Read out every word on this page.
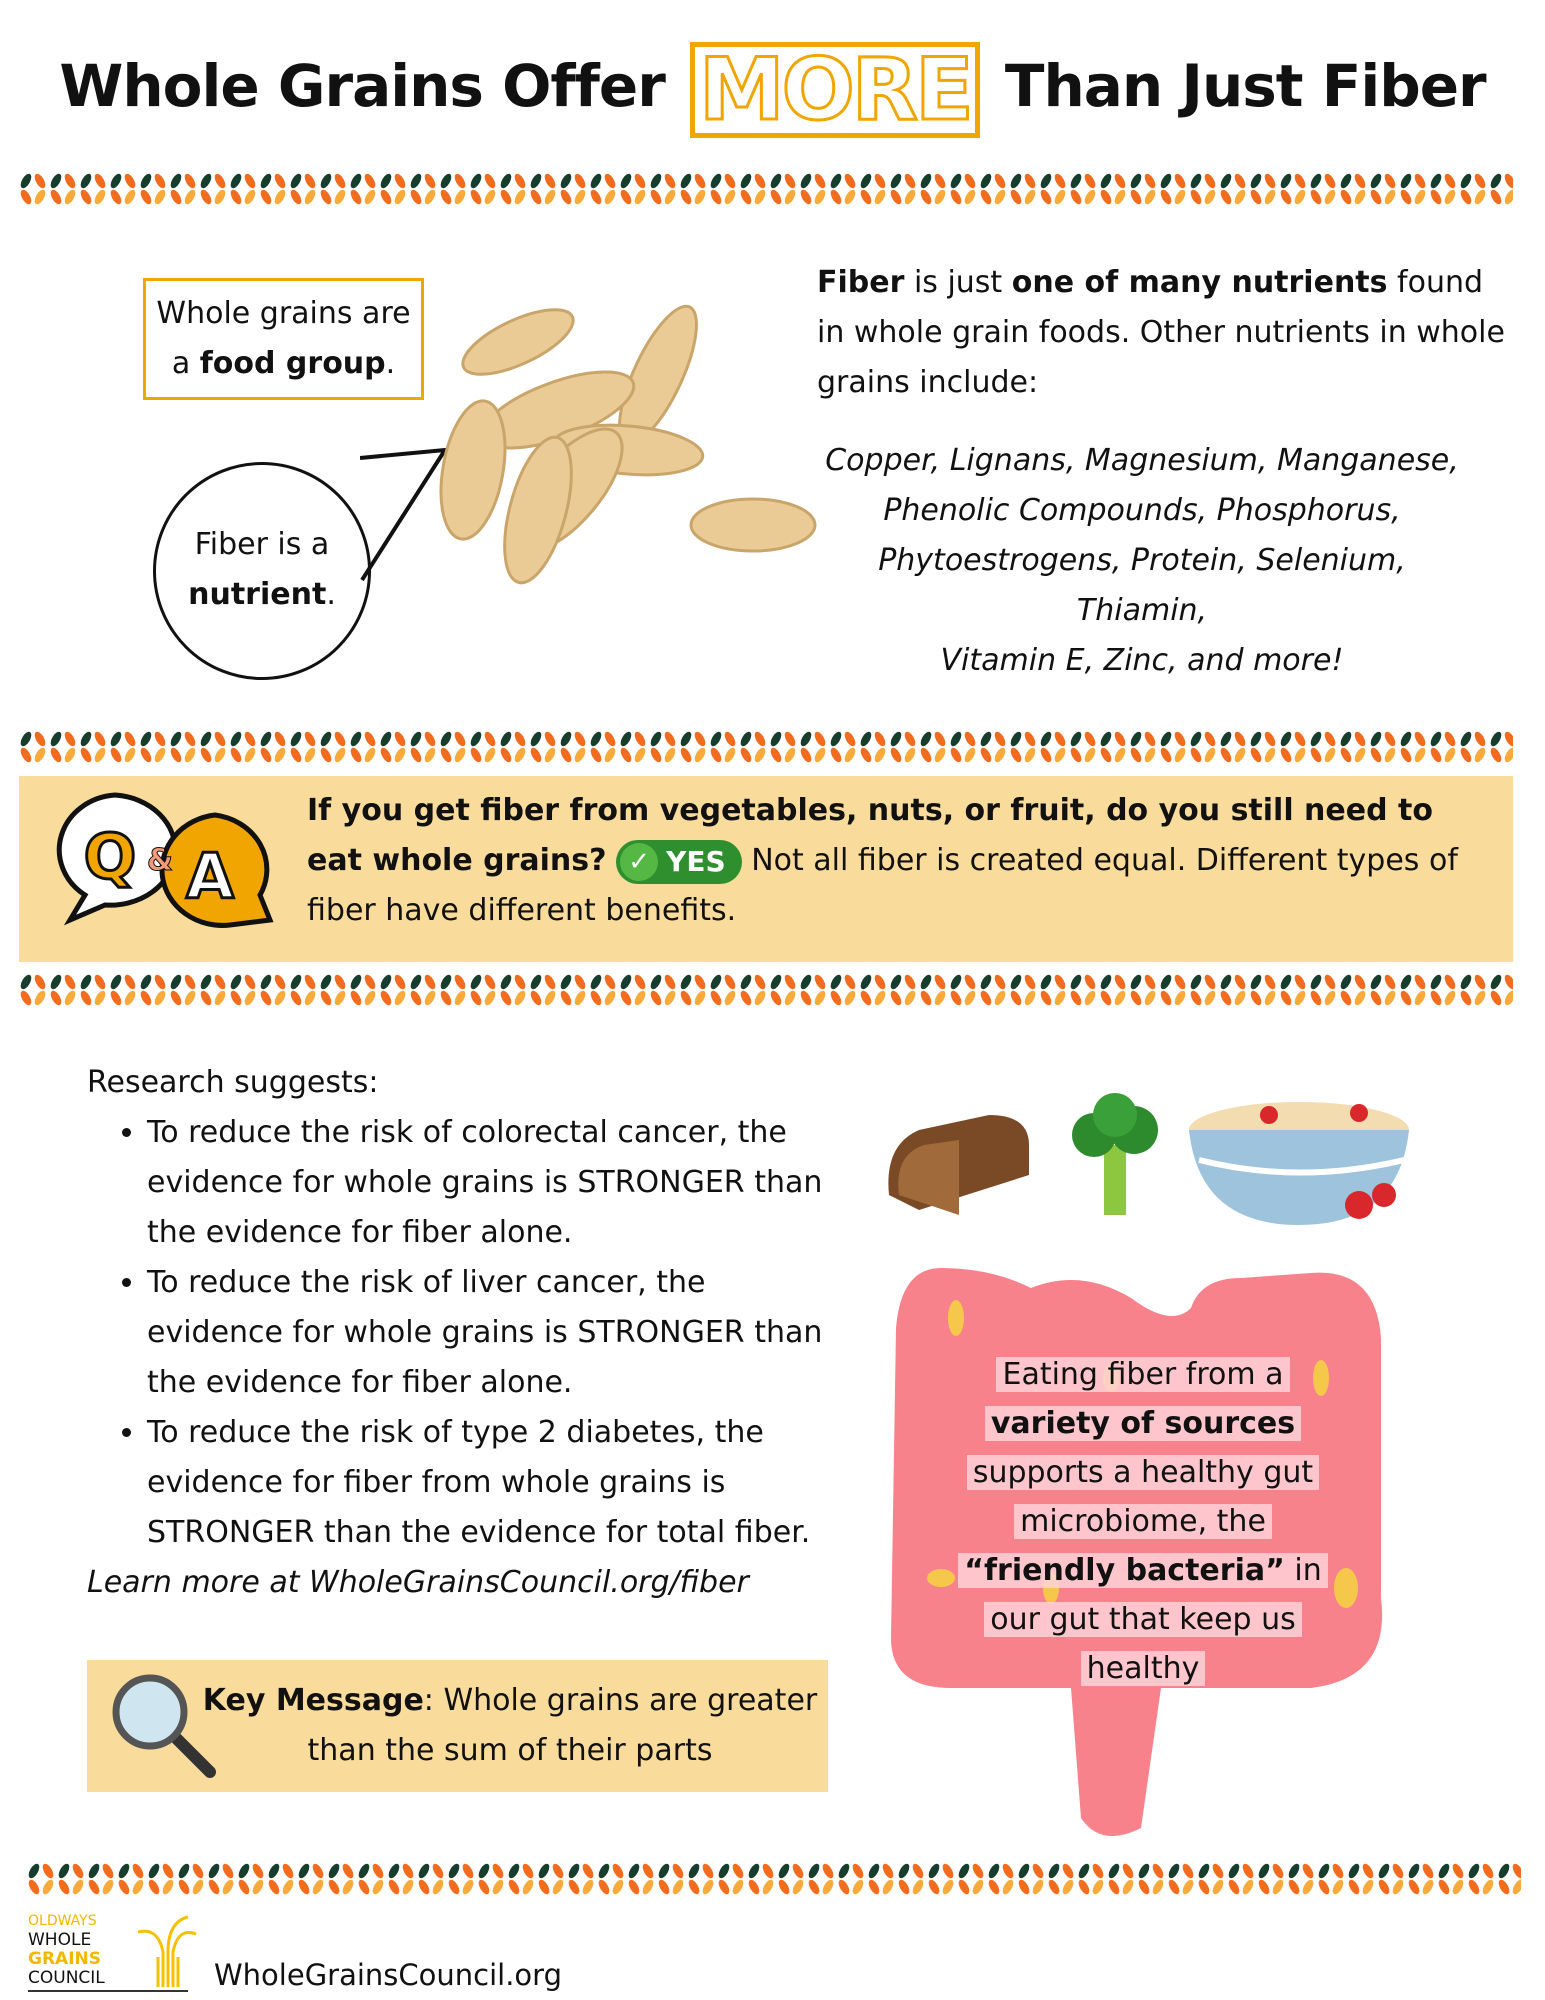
Whole Grains Offer MORE Than Just Fiber
Whole grains are
a food group.
Fiber is a
nutrient.
Fiber is just one of many nutrients found in whole grain foods. Other nutrients in whole grains include:
Copper, Lignans, Magnesium, Manganese,
Phenolic Compounds, Phosphorus,
Phytoestrogens, Protein, Selenium, Thiamin,
Vitamin E, Zinc, and more!
Q & A
If you get fiber from vegetables, nuts, or fruit, do you still need to eat whole grains? ✓ YES Not all fiber is created equal. Different types of fiber have different benefits.
Research suggests:
• To reduce the risk of colorectal cancer, the evidence for whole grains is STRONGER than the evidence for fiber alone.
• To reduce the risk of liver cancer, the evidence for whole grains is STRONGER than the evidence for fiber alone.
• To reduce the risk of type 2 diabetes, the evidence for fiber from whole grains is STRONGER than the evidence for total fiber.
Learn more at WholeGrainsCouncil.org/fiber
Key Message: Whole grains are greater than the sum of their parts
Eating fiber from a
variety of sources
supports a healthy gut
microbiome, the
“friendly bacteria” in
our gut that keep us
healthy
OLDWAYS
WHOLE
GRAINS
COUNCIL	WholeGrainsCouncil.org
